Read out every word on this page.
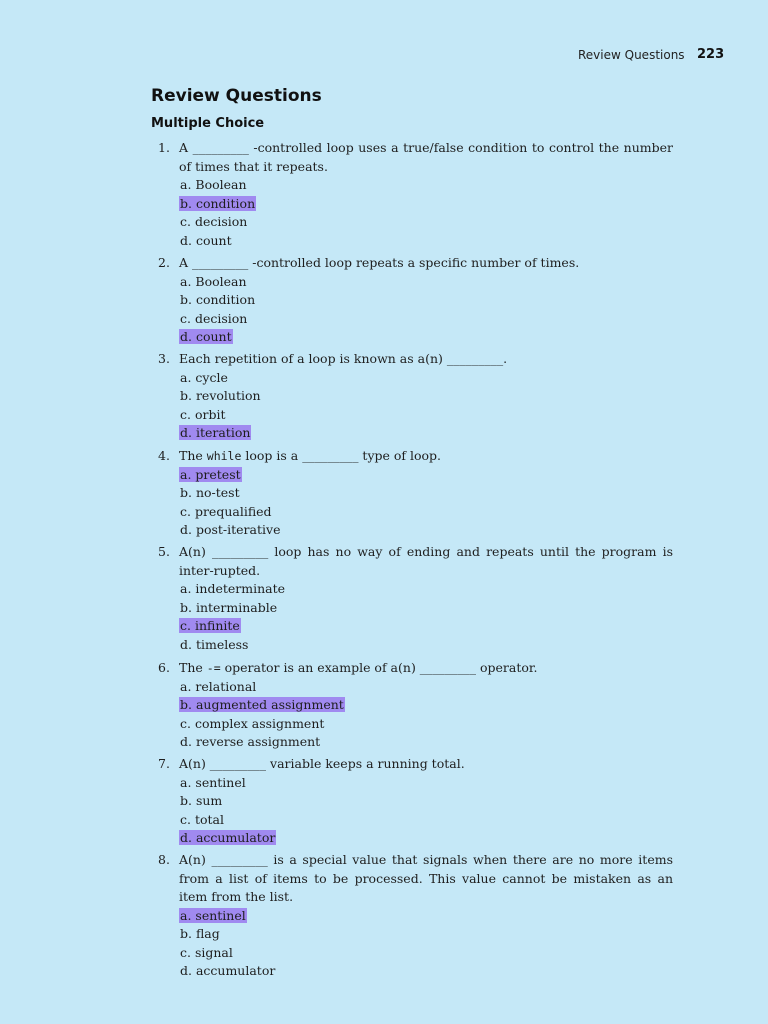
Review Questions 223
Review Questions
Multiple Choice
1. A _________ -controlled loop uses a true/false condition to control the number of times that it repeats.
a. Boolean
b. condition
c. decision
d. count
2. A _________ -controlled loop repeats a specific number of times.
a. Boolean
b. condition
c. decision
d. count
3. Each repetition of a loop is known as a(n) _________.
a. cycle
b. revolution
c. orbit
d. iteration
4. The while loop is a _________ type of loop.
a. pretest
b. no-test
c. prequalified
d. post-iterative
5. A(n) _________ loop has no way of ending and repeats until the program is inter-rupted.
a. indeterminate
b. interminable
c. infinite
d. timeless
6. The -= operator is an example of a(n) _________ operator.
a. relational
b. augmented assignment
c. complex assignment
d. reverse assignment
7. A(n) _________ variable keeps a running total.
a. sentinel
b. sum
c. total
d. accumulator
8. A(n) _________ is a special value that signals when there are no more items from a list of items to be processed. This value cannot be mistaken as an item from the list.
a. sentinel
b. flag
c. signal
d. accumulator
